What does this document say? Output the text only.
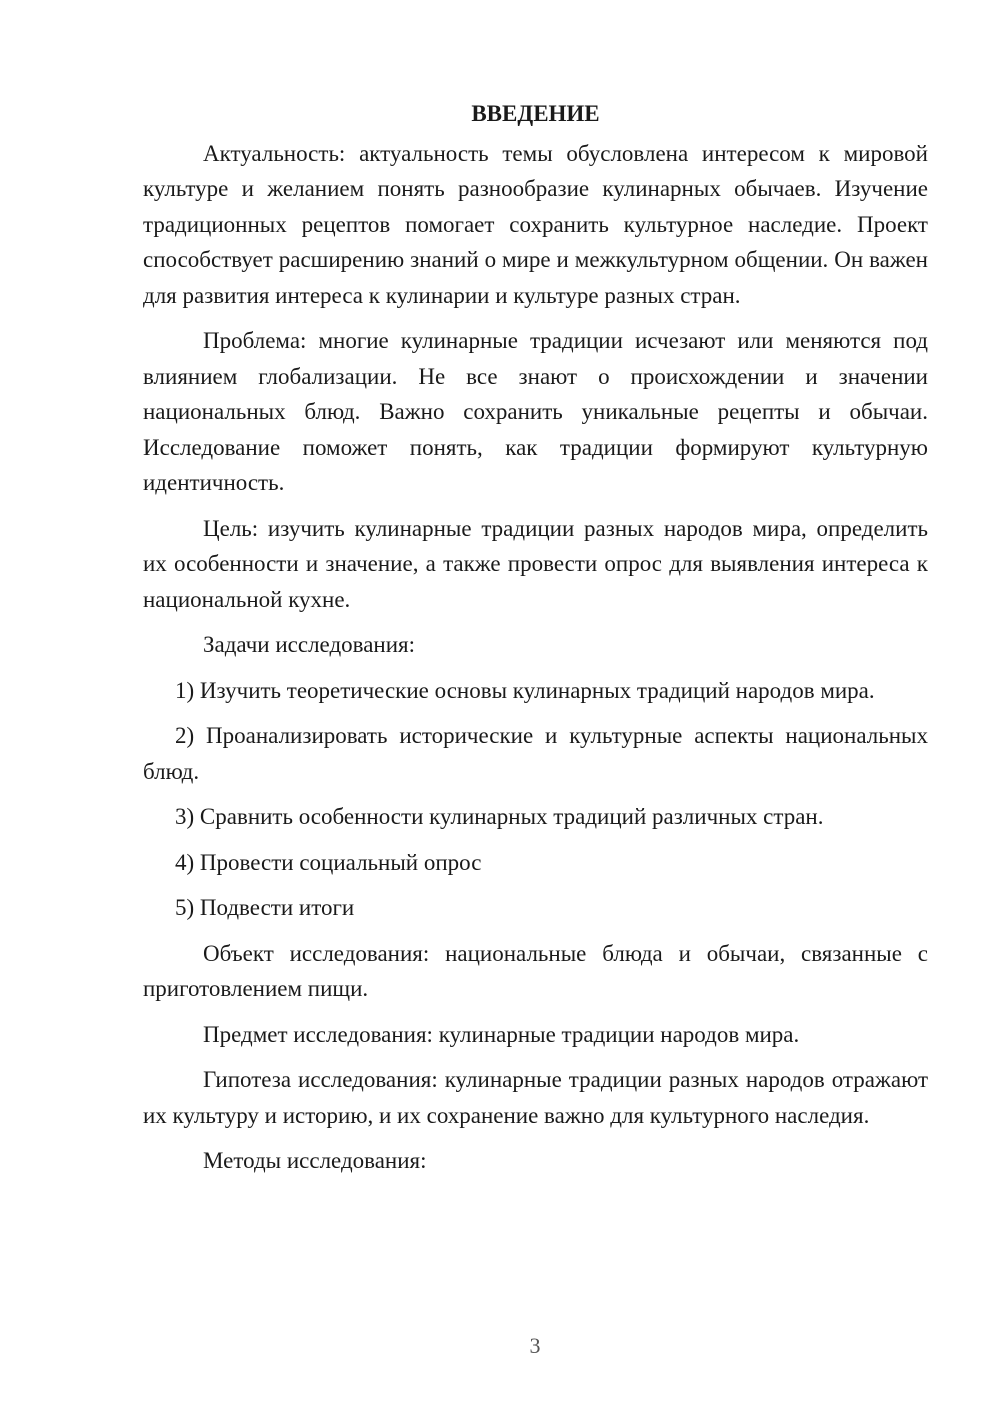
ВВЕДЕНИЕ

Актуальность: актуальность темы обусловлена интересом к мировой культуре и желанием понять разнообразие кулинарных обычаев. Изучение традиционных рецептов помогает сохранить культурное наследие. Проект способствует расширению знаний о мире и межкультурном общении. Он важен для развития интереса к кулинарии и культуре разных стран.

Проблема: многие кулинарные традиции исчезают или меняются под влиянием глобализации. Не все знают о происхождении и значении национальных блюд. Важно сохранить уникальные рецепты и обычаи. Исследование поможет понять, как традиции формируют культурную идентичность.

Цель: изучить кулинарные традиции разных народов мира, определить их особенности и значение, а также провести опрос для выявления интереса к национальной кухне.

Задачи исследования:

1) Изучить теоретические основы кулинарных традиций народов мира.

2) Проанализировать исторические и культурные аспекты национальных блюд.

3) Сравнить особенности кулинарных традиций различных стран.

4) Провести социальный опрос

5) Подвести итоги

Объект исследования: национальные блюда и обычаи, связанные с приготовлением пищи.

Предмет исследования: кулинарные традиции народов мира.

Гипотеза исследования: кулинарные традиции разных народов отражают их культуру и историю, и их сохранение важно для культурного наследия.

Методы исследования:

3
